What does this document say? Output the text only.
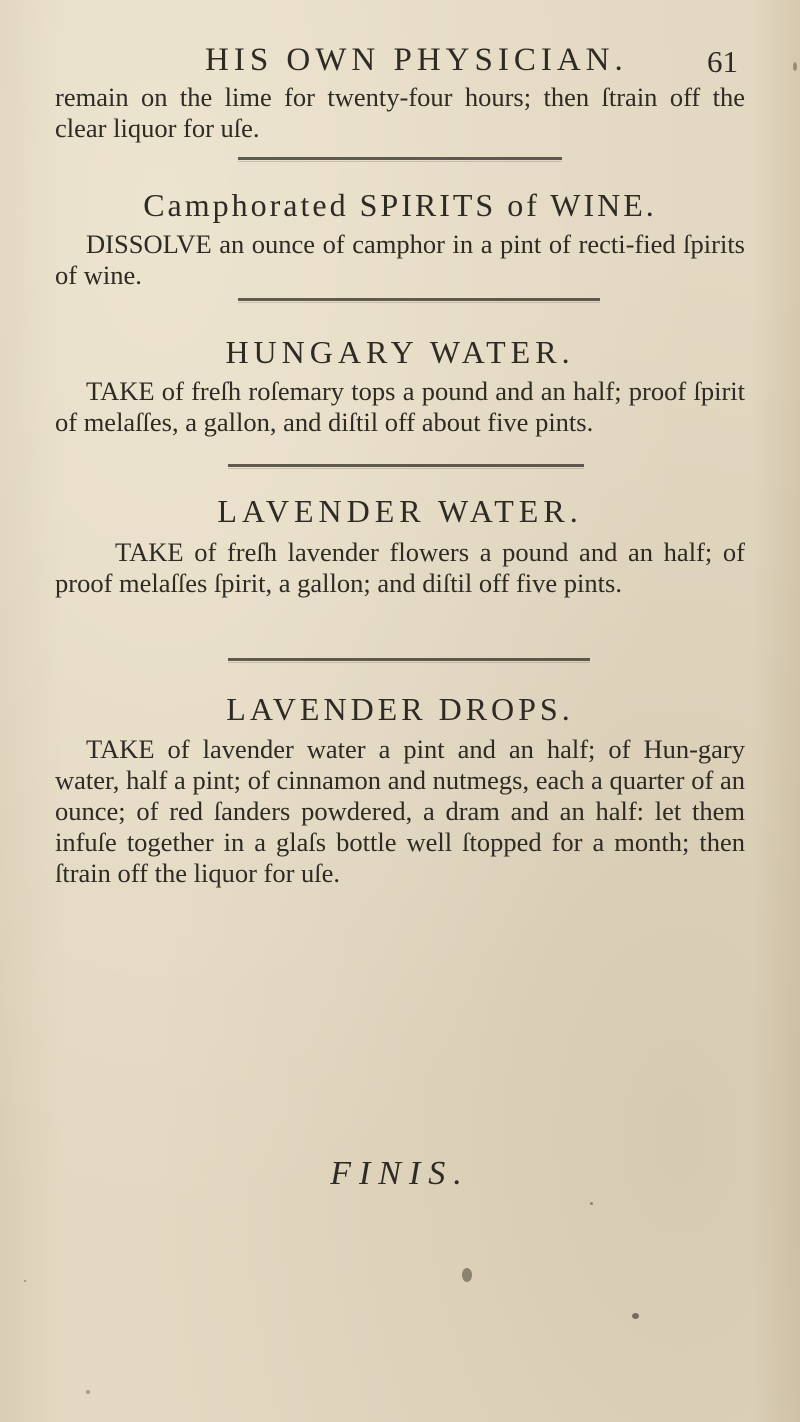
HIS OWN PHYSICIAN.	61

remain on the lime for twenty-four hours; then ſtrain off the clear liquor for uſe.

Camphorated SPIRITS of WINE.

DISSOLVE an ounce of camphor in a pint of recti-fied ſpirits of wine.

HUNGARY WATER.

TAKE of freſh roſemary tops a pound and an half; proof ſpirit of melaſſes, a gallon, and diſtil off about five pints.

LAVENDER WATER.

TAKE of freſh lavender flowers a pound and an half; of proof melaſſes ſpirit, a gallon; and diſtil off five pints.

LAVENDER DROPS.

TAKE of lavender water a pint and an half; of Hun-gary water, half a pint; of cinnamon and nutmegs, each a quarter of an ounce; of red ſanders powdered, a dram and an half: let them infuſe together in a glaſs bottle well ſtopped for a month; then ſtrain off the liquor for uſe.

FINIS.
